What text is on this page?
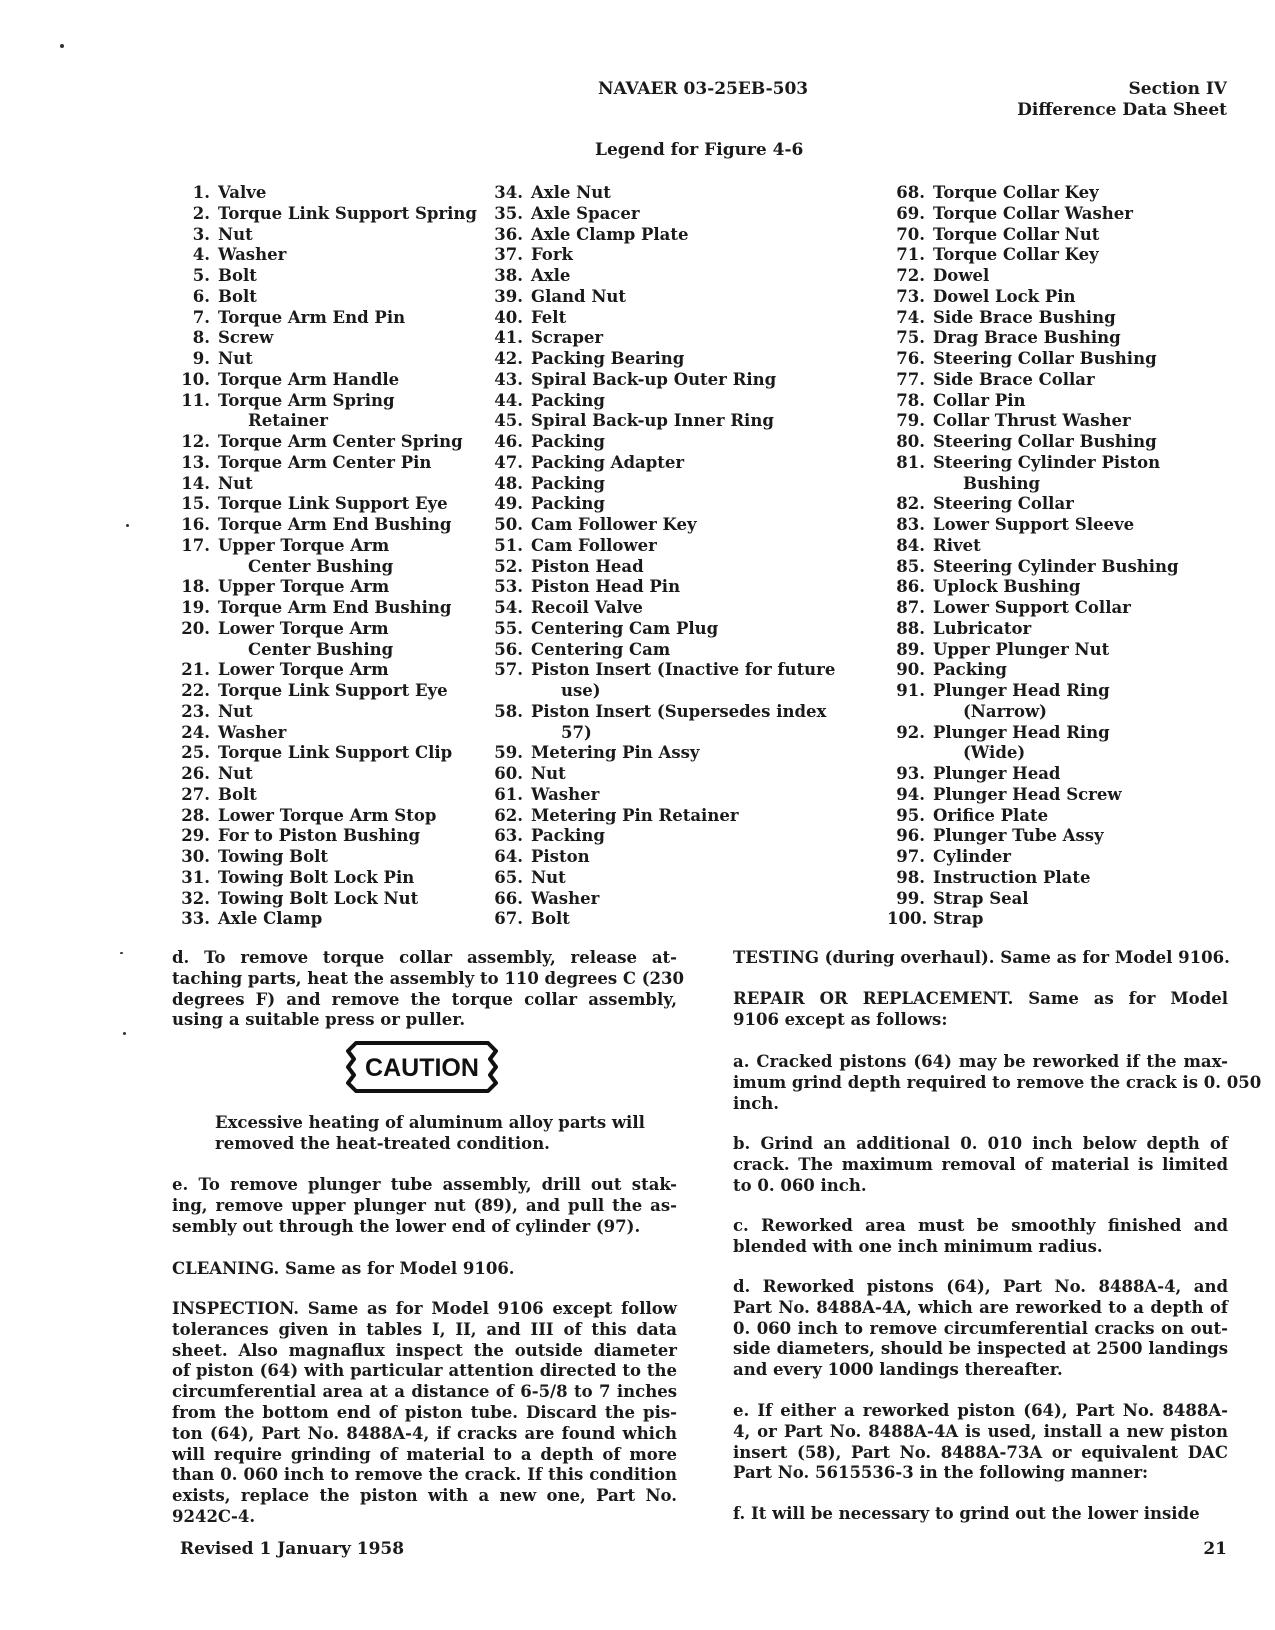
NAVAER 03-25EB-503	Section IV
Difference Data Sheet
Legend for Figure 4-6
1. Valve
2. Torque Link Support Spring
3. Nut
4. Washer
5. Bolt
6. Bolt
7. Torque Arm End Pin
8. Screw
9. Nut
10. Torque Arm Handle
11. Torque Arm Spring
Retainer
12. Torque Arm Center Spring
13. Torque Arm Center Pin
14. Nut
15. Torque Link Support Eye
16. Torque Arm End Bushing
17. Upper Torque Arm
Center Bushing
18. Upper Torque Arm
19. Torque Arm End Bushing
20. Lower Torque Arm
Center Bushing
21. Lower Torque Arm
22. Torque Link Support Eye
23. Nut
24. Washer
25. Torque Link Support Clip
26. Nut
27. Bolt
28. Lower Torque Arm Stop
29. For to Piston Bushing
30. Towing Bolt
31. Towing Bolt Lock Pin
32. Towing Bolt Lock Nut
33. Axle Clamp
34. Axle Nut
35. Axle Spacer
36. Axle Clamp Plate
37. Fork
38. Axle
39. Gland Nut
40. Felt
41. Scraper
42. Packing Bearing
43. Spiral Back-up Outer Ring
44. Packing
45. Spiral Back-up Inner Ring
46. Packing
47. Packing Adapter
48. Packing
49. Packing
50. Cam Follower Key
51. Cam Follower
52. Piston Head
53. Piston Head Pin
54. Recoil Valve
55. Centering Cam Plug
56. Centering Cam
57. Piston Insert (Inactive for future
use)
58. Piston Insert (Supersedes index
57)
59. Metering Pin Assy
60. Nut
61. Washer
62. Metering Pin Retainer
63. Packing
64. Piston
65. Nut
66. Washer
67. Bolt
68. Torque Collar Key
69. Torque Collar Washer
70. Torque Collar Nut
71. Torque Collar Key
72. Dowel
73. Dowel Lock Pin
74. Side Brace Bushing
75. Drag Brace Bushing
76. Steering Collar Bushing
77. Side Brace Collar
78. Collar Pin
79. Collar Thrust Washer
80. Steering Collar Bushing
81. Steering Cylinder Piston
Bushing
82. Steering Collar
83. Lower Support Sleeve
84. Rivet
85. Steering Cylinder Bushing
86. Uplock Bushing
87. Lower Support Collar
88. Lubricator
89. Upper Plunger Nut
90. Packing
91. Plunger Head Ring
(Narrow)
92. Plunger Head Ring
(Wide)
93. Plunger Head
94. Plunger Head Screw
95. Orifice Plate
96. Plunger Tube Assy
97. Cylinder
98. Instruction Plate
99. Strap Seal
100. Strap
d. To remove torque collar assembly, release at-
taching parts, heat the assembly to 110 degrees C (230
degrees F) and remove the torque collar assembly,
using a suitable press or puller.
CAUTION
Excessive heating of aluminum alloy parts will
removed the heat-treated condition.
e. To remove plunger tube assembly, drill out stak-
ing, remove upper plunger nut (89), and pull the as-
sembly out through the lower end of cylinder (97).
CLEANING. Same as for Model 9106.
INSPECTION. Same as for Model 9106 except follow
tolerances given in tables I, II, and III of this data
sheet. Also magnaflux inspect the outside diameter
of piston (64) with particular attention directed to the
circumferential area at a distance of 6-5/8 to 7 inches
from the bottom end of piston tube. Discard the pis-
ton (64), Part No. 8488A-4, if cracks are found which
will require grinding of material to a depth of more
than 0. 060 inch to remove the crack. If this condition
exists, replace the piston with a new one, Part No.
9242C-4.
TESTING (during overhaul). Same as for Model 9106.
REPAIR OR REPLACEMENT. Same as for Model
9106 except as follows:
a. Cracked pistons (64) may be reworked if the max-
imum grind depth required to remove the crack is 0. 050
inch.
b. Grind an additional 0. 010 inch below depth of
crack. The maximum removal of material is limited
to 0. 060 inch.
c. Reworked area must be smoothly finished and
blended with one inch minimum radius.
d. Reworked pistons (64), Part No. 8488A-4, and
Part No. 8488A-4A, which are reworked to a depth of
0. 060 inch to remove circumferential cracks on out-
side diameters, should be inspected at 2500 landings
and every 1000 landings thereafter.
e. If either a reworked piston (64), Part No. 8488A-
4, or Part No. 8488A-4A is used, install a new piston
insert (58), Part No. 8488A-73A or equivalent DAC
Part No. 5615536-3 in the following manner:
f. It will be necessary to grind out the lower inside
Revised 1 January 1958	21
